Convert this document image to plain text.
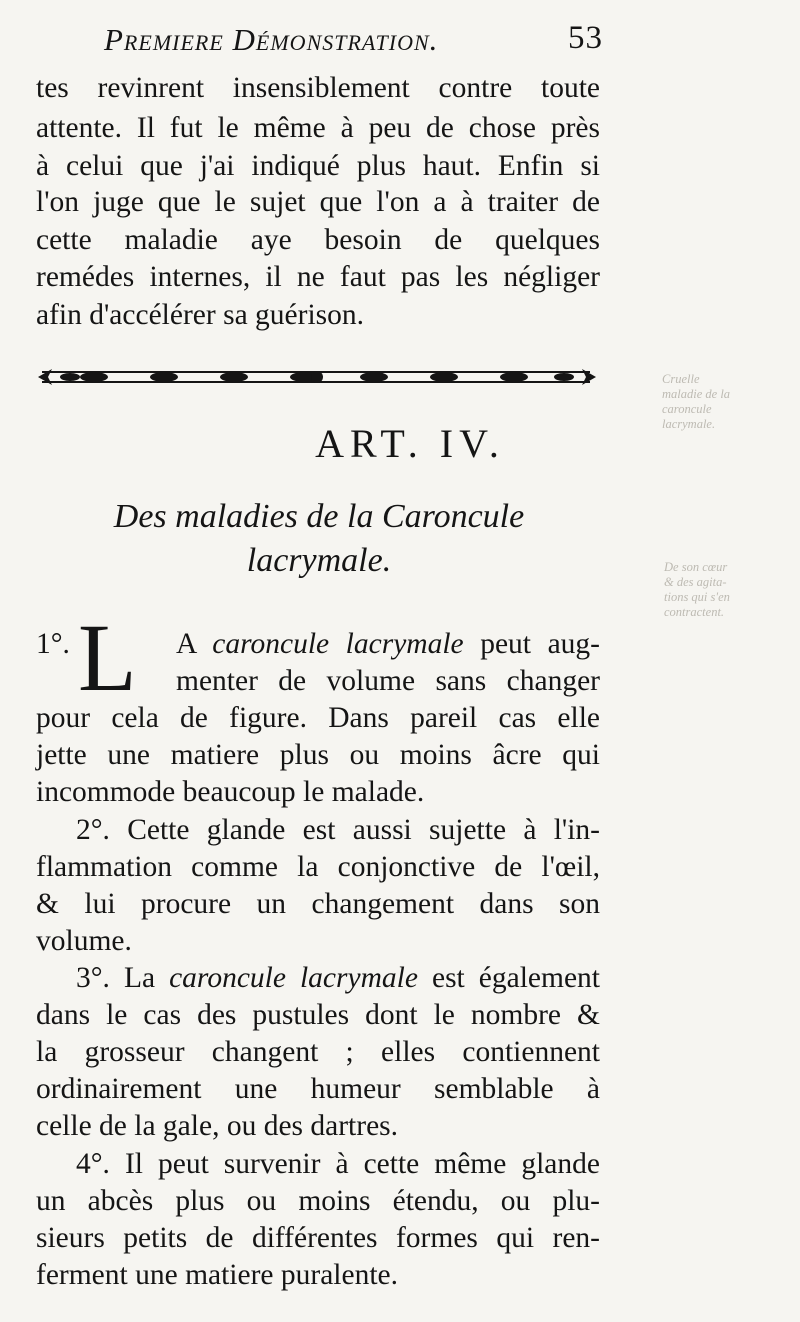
Premiere Démonstration.	53
tes revinrent insensiblement contre toute
attente. Il fut le même à peu de chose près
à celui que j'ai indiqué plus haut. Enfin si
l'on juge que le sujet que l'on a à traiter de
cette maladie aye besoin de quelques
remédes internes, il ne faut pas les négliger
afin d'accélérer sa guérison.
ART. IV.
Des maladies de la Caroncule
lacrymale.
1°. L A caroncule lacrymale peut aug-
menter de volume sans changer
pour cela de figure. Dans pareil cas elle
jette une matiere plus ou moins âcre qui
incommode beaucoup le malade.
2°. Cette glande est aussi sujette à l'in-
flammation comme la conjonctive de l'œil,
& lui procure un changement dans son
volume.
3°. La caroncule lacrymale est également
dans le cas des pustules dont le nombre &
la grosseur changent ; elles contiennent
ordinairement une humeur semblable à
celle de la gale, ou des dartres.
4°. Il peut survenir à cette même glande
un abcès plus ou moins étendu, ou plu-
sieurs petits de différentes formes qui ren-
ferment une matiere puralente.
Cruelle
maladie de la
caroncule
lacrymale.
De son cœur
& des agita-
tions qui s'en
contractent.
